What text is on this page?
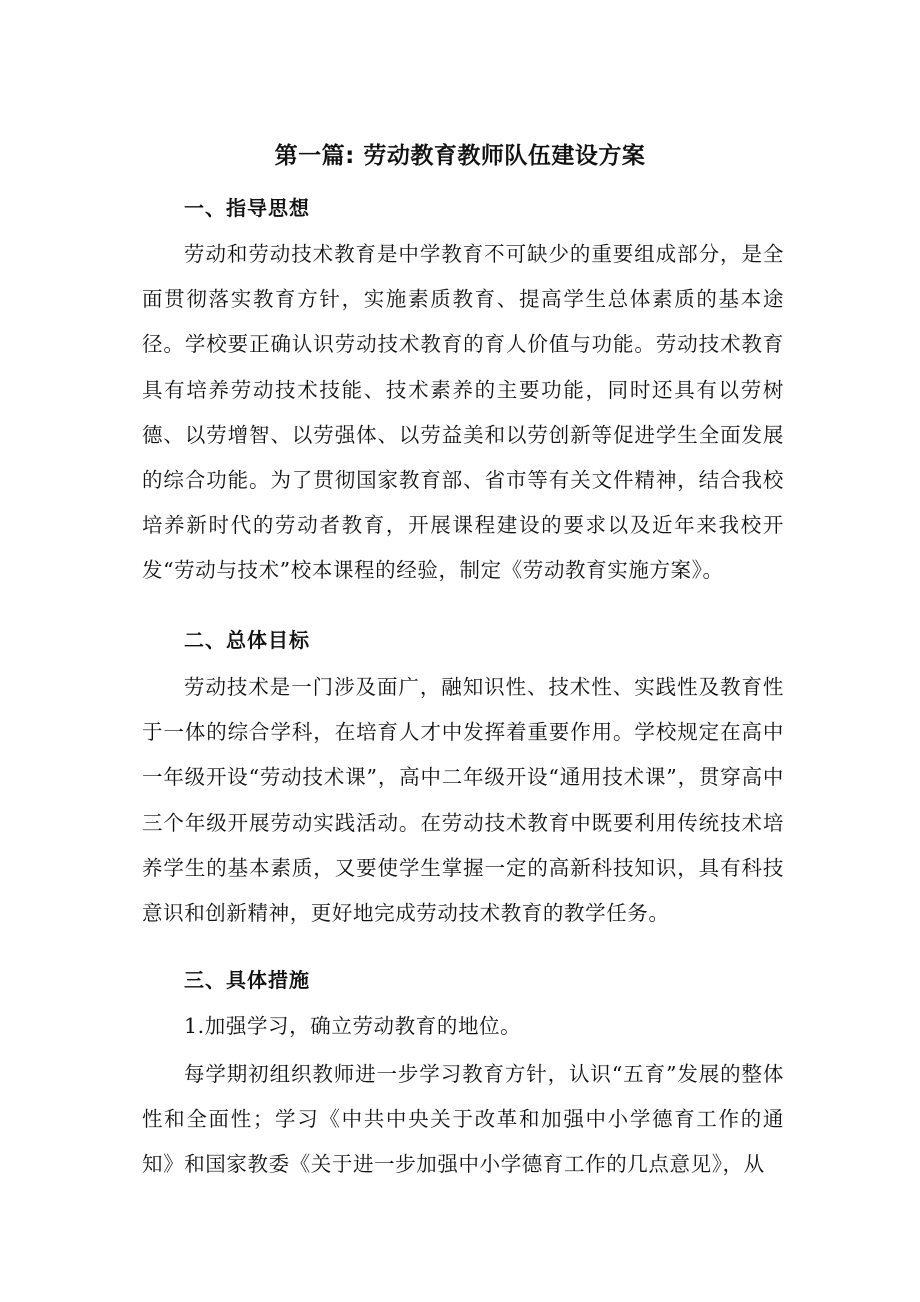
第一篇: 劳动教育教师队伍建设方案
一、指导思想
劳动和劳动技术教育是中学教育不可缺少的重要组成部分，是全面贯彻落实教育方针，实施素质教育、提高学生总体素质的基本途径。学校要正确认识劳动技术教育的育人价值与功能。劳动技术教育具有培养劳动技术技能、技术素养的主要功能，同时还具有以劳树德、以劳增智、以劳强体、以劳益美和以劳创新等促进学生全面发展的综合功能。为了贯彻国家教育部、省市等有关文件精神，结合我校培养新时代的劳动者教育，开展课程建设的要求以及近年来我校开发“劳动与技术”校本课程的经验，制定《劳动教育实施方案》。
二、总体目标
劳动技术是一门涉及面广，融知识性、技术性、实践性及教育性于一体的综合学科，在培育人才中发挥着重要作用。学校规定在高中一年级开设“劳动技术课”，高中二年级开设“通用技术课”，贯穿高中三个年级开展劳动实践活动。在劳动技术教育中既要利用传统技术培养学生的基本素质，又要使学生掌握一定的高新科技知识，具有科技意识和创新精神，更好地完成劳动技术教育的教学任务。
三、具体措施
1.加强学习，确立劳动教育的地位。
每学期初组织教师进一步学习教育方针，认识“五育”发展的整体性和全面性；学习《中共中央关于改革和加强中小学德育工作的通知》和国家教委《关于进一步加强中小学德育工作的几点意见》，从
